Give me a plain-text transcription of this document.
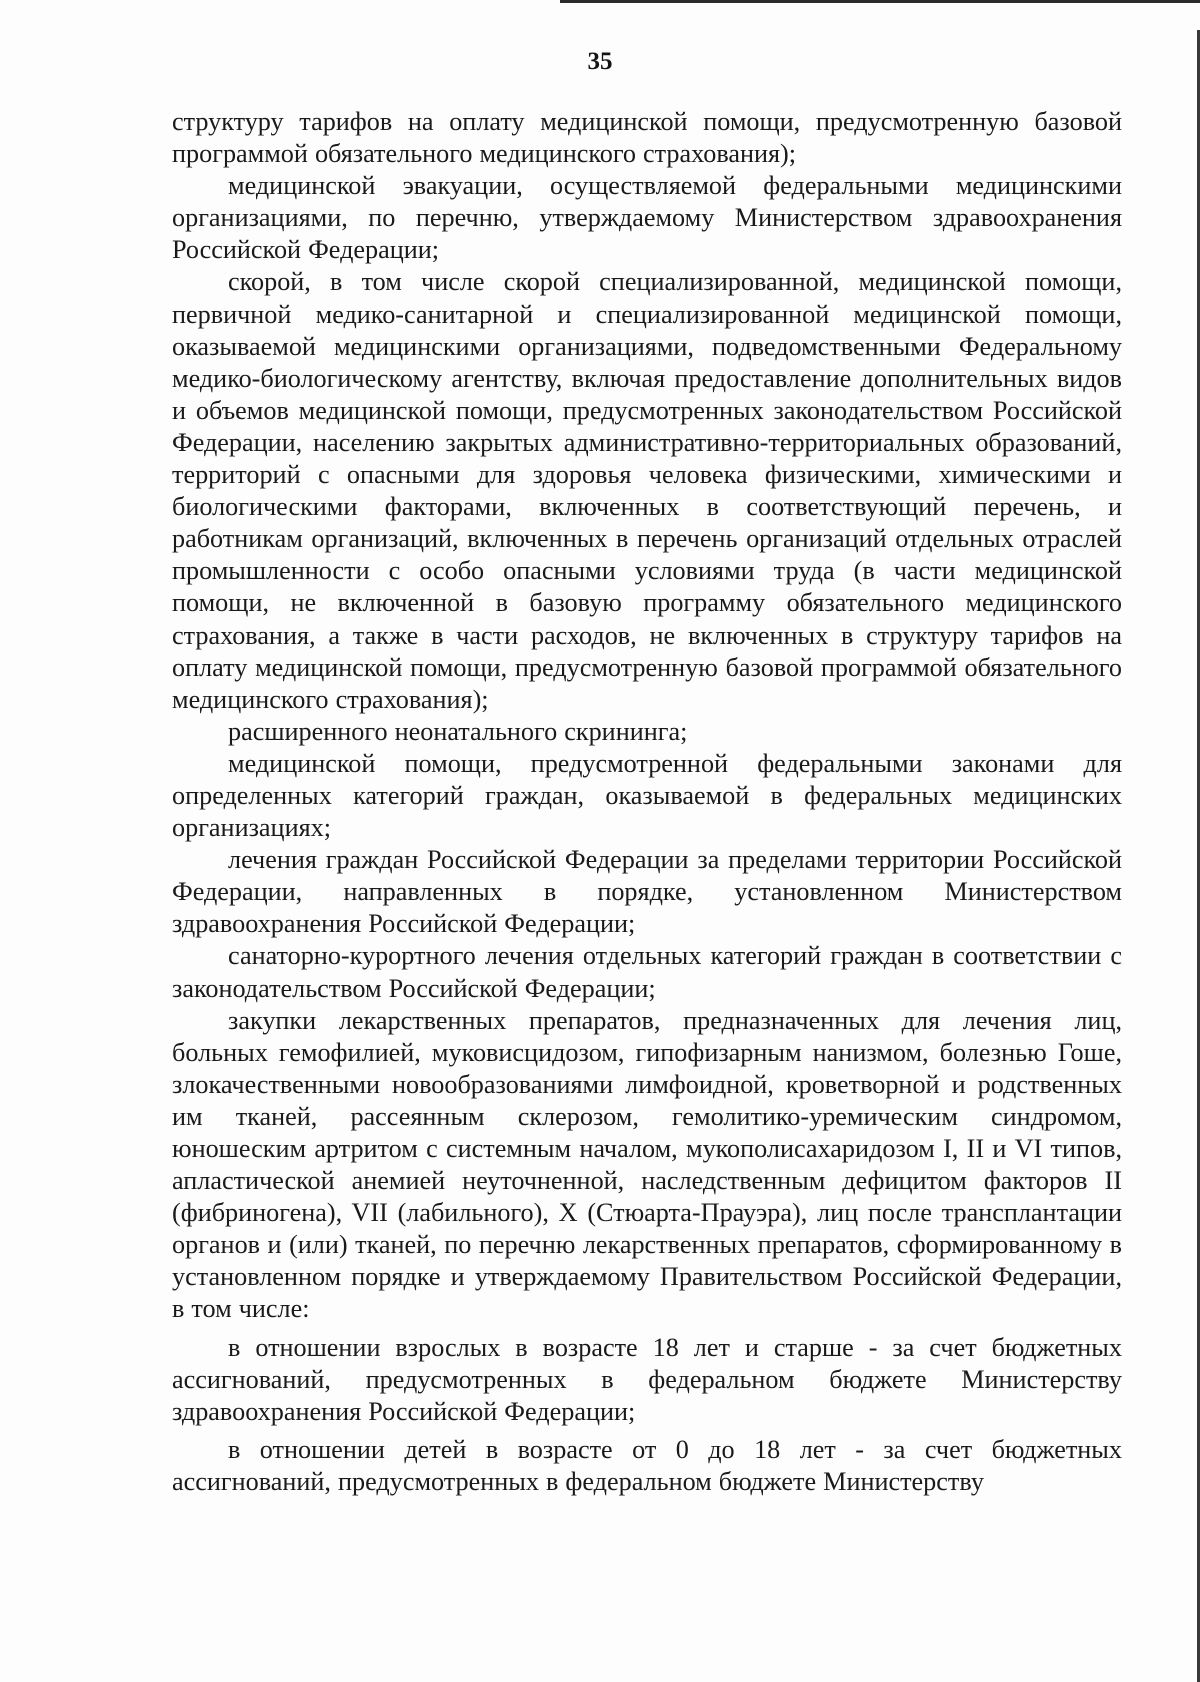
35

структуру тарифов на оплату медицинской помощи, предусмотренную базовой программой обязательного медицинского страхования);

медицинской эвакуации, осуществляемой федеральными медицинскими организациями, по перечню, утверждаемому Министерством здравоохранения Российской Федерации;

скорой, в том числе скорой специализированной, медицинской помощи, первичной медико-санитарной и специализированной медицинской помощи, оказываемой медицинскими организациями, подведомственными Федеральному медико-биологическому агентству, включая предоставление дополнительных видов и объемов медицинской помощи, предусмотренных законодательством Российской Федерации, населению закрытых административно-территориальных образований, территорий с опасными для здоровья человека физическими, химическими и биологическими факторами, включенных в соответствующий перечень, и работникам организаций, включенных в перечень организаций отдельных отраслей промышленности с особо опасными условиями труда (в части медицинской помощи, не включенной в базовую программу обязательного медицинского страхования, а также в части расходов, не включенных в структуру тарифов на оплату медицинской помощи, предусмотренную базовой программой обязательного медицинского страхования);

расширенного неонатального скрининга;

медицинской помощи, предусмотренной федеральными законами для определенных категорий граждан, оказываемой в федеральных медицинских организациях;

лечения граждан Российской Федерации за пределами территории Российской Федерации, направленных в порядке, установленном Министерством здравоохранения Российской Федерации;

санаторно-курортного лечения отдельных категорий граждан в соответствии с законодательством Российской Федерации;

закупки лекарственных препаратов, предназначенных для лечения лиц, больных гемофилией, муковисцидозом, гипофизарным нанизмом, болезнью Гоше, злокачественными новообразованиями лимфоидной, кроветворной и родственных им тканей, рассеянным склерозом, гемолитико-уремическим синдромом, юношеским артритом с системным началом, мукополисахаридозом I, II и VI типов, апластической анемией неуточненной, наследственным дефицитом факторов II (фибриногена), VII (лабильного), X (Стюарта-Прауэра), лиц после трансплантации органов и (или) тканей, по перечню лекарственных препаратов, сформированному в установленном порядке и утверждаемому Правительством Российской Федерации, в том числе:

в отношении взрослых в возрасте 18 лет и старше - за счет бюджетных ассигнований, предусмотренных в федеральном бюджете Министерству здравоохранения Российской Федерации;

в отношении детей в возрасте от 0 до 18 лет - за счет бюджетных ассигнований, предусмотренных в федеральном бюджете Министерству
